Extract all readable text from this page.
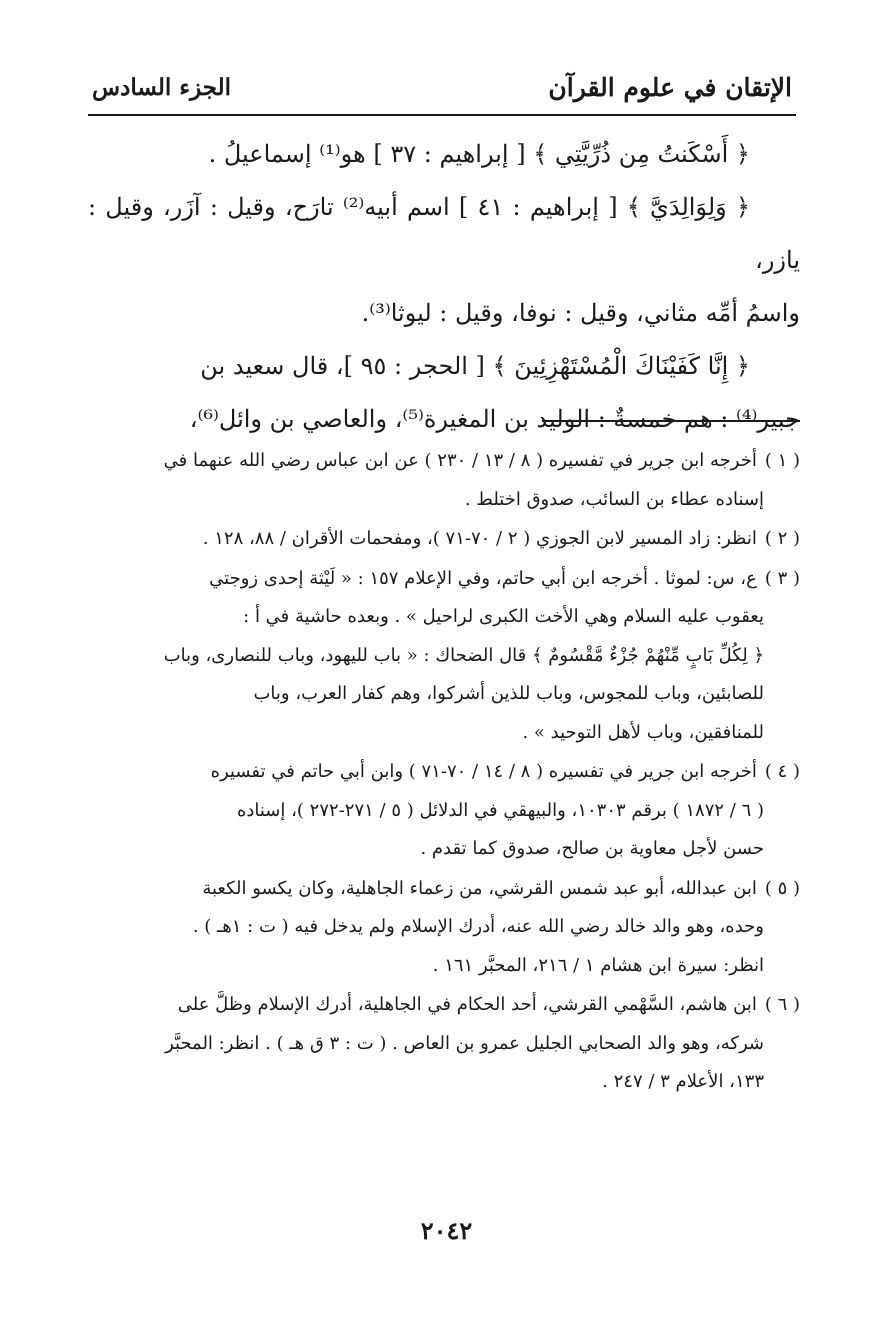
الإتقان في علوم القرآن
الجزء السادس

﴿ أَسْكَنتُ مِن ذُرِّيَّتِي ﴾ [ إبراهيم : ٣٧ ] هو⁽¹⁾ إسماعيلُ .

﴿ وَلِوَالِدَيَّ ﴾ [ إبراهيم : ٤١ ] اسم أبيه⁽²⁾ تارَح، وقيل : آزَر، وقيل : يازر،

واسمُ أمِّه مثاني، وقيل : نوفا، وقيل : ليوثا⁽³⁾.

﴿ إِنَّا كَفَيْنَاكَ الْمُسْتَهْزِئِينَ ﴾ [ الحجر : ٩٥ ]، قال سعيد بن

جبير⁽⁴⁾ : هم خمسةٌ : الوليد بن المغيرة⁽⁵⁾، والعاصي بن وائل⁽⁶⁾،

( ١ )أخرجه ابن جرير في تفسيره ( ٨ / ١٣ / ٢٣٠ ) عن ابن عباس رضي الله عنهما في
إسناده عطاء بن السائب، صدوق اختلط .
( ٢ )انظر: زاد المسير لابن الجوزي ( ٢ / ٧٠-٧١ )، ومفحمات الأقران / ٨٨، ١٢٨ .
( ٣ )ع، س: لموثا . أخرجه ابن أبي حاتم، وفي الإعلام ١٥٧ : « لَيْثة إحدى زوجتي
يعقوب عليه السلام وهي الأخت الكبرى لراحيل » . وبعده حاشية في أ :
﴿ لِكُلِّ بَابٍ مِّنْهُمْ جُزْءٌ مَّقْسُومٌ ﴾ قال الضحاك : « باب لليهود، وباب للنصارى، وباب
للصابئين، وباب للمجوس، وباب للذين أشركوا، وهم كفار العرب، وباب
للمنافقين، وباب لأهل التوحيد » .
( ٤ )أخرجه ابن جرير في تفسيره ( ٨ / ١٤ / ٧٠-٧١ ) وابن أبي حاتم في تفسيره
( ٦ / ١٨٧٢ ) برقم ١٠٣٠٣، والبيهقي في الدلائل ( ٥ / ٢٧١-٢٧٢ )، إسناده
حسن لأجل معاوية بن صالح، صدوق كما تقدم .
( ٥ )ابن عبدالله، أبو عبد شمس القرشي، من زعماء الجاهلية، وكان يكسو الكعبة
وحده، وهو والد خالد رضي الله عنه، أدرك الإسلام ولم يدخل فيه ( ت : ١هـ ) .
انظر: سيرة ابن هشام ١ / ٢١٦، المحبَّر ١٦١ .
( ٦ )ابن هاشم، السَّهْمي القرشي، أحد الحكام في الجاهلية، أدرك الإسلام وظلَّ على
شركه، وهو والد الصحابي الجليل عمرو بن العاص . ( ت : ٣ ق هـ ) . انظر: المحبَّر
١٣٣، الأعلام ٣ / ٢٤٧ .
٢٠٤٢
